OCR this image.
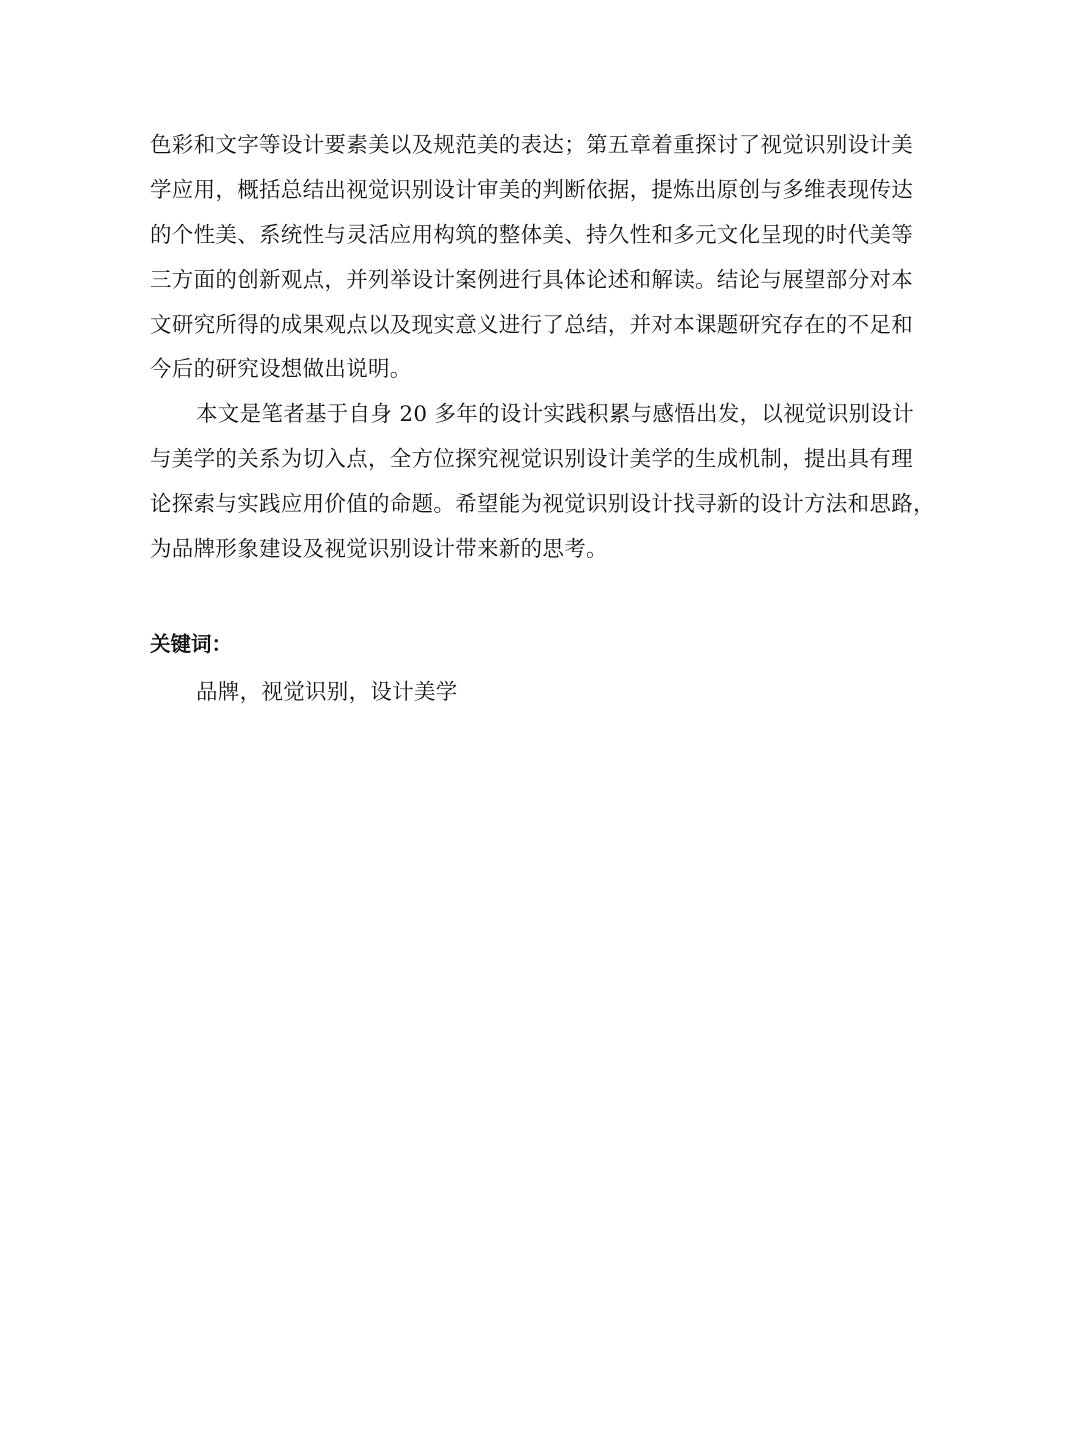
色彩和文字等设计要素美以及规范美的表达；第五章着重探讨了视觉识别设计美
学应用，概括总结出视觉识别设计审美的判断依据，提炼出原创与多维表现传达
的个性美、系统性与灵活应用构筑的整体美、持久性和多元文化呈现的时代美等
三方面的创新观点，并列举设计案例进行具体论述和解读。结论与展望部分对本
文研究所得的成果观点以及现实意义进行了总结，并对本课题研究存在的不足和
今后的研究设想做出说明。
本文是笔者基于自身 20 多年的设计实践积累与感悟出发，以视觉识别设计
与美学的关系为切入点，全方位探究视觉识别设计美学的生成机制，提出具有理
论探索与实践应用价值的命题。希望能为视觉识别设计找寻新的设计方法和思路，
为品牌形象建设及视觉识别设计带来新的思考。
关键词：
品牌，视觉识别，设计美学
